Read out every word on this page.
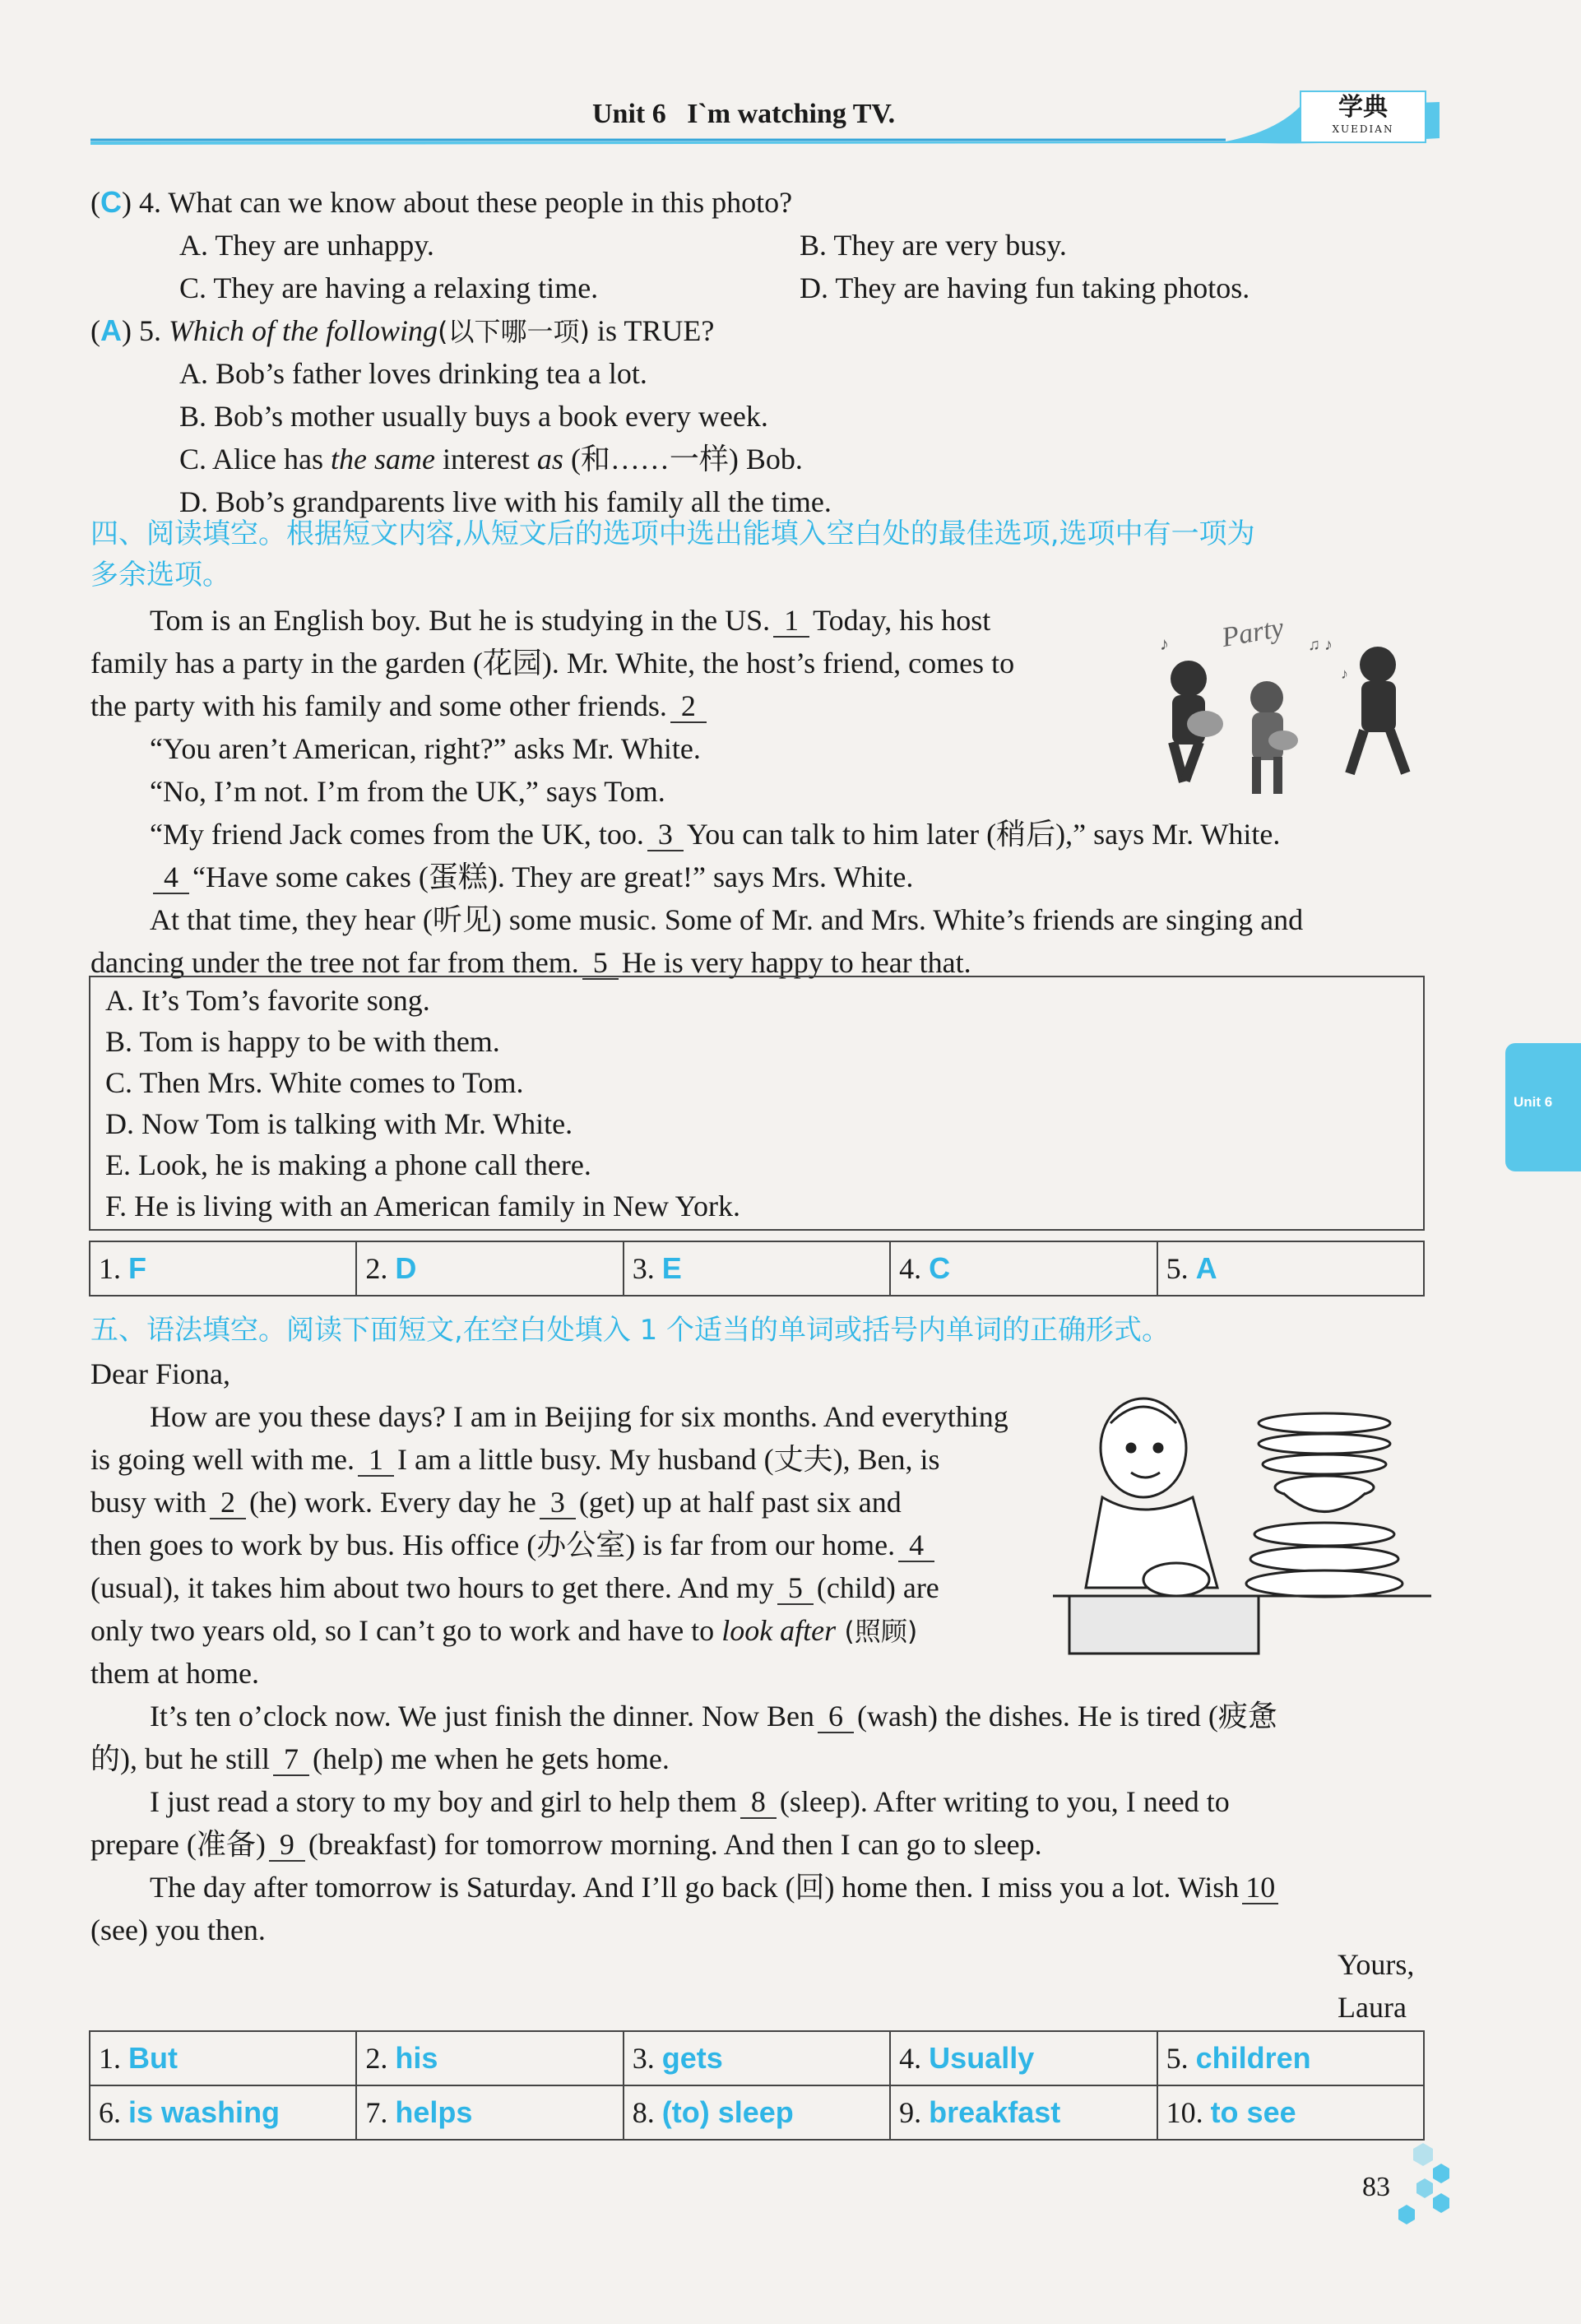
Unit 6   I`m watching TV.	学典
XUEDIAN
(C) 4. What can we know about these people in this photo?
A. They are unhappy.	B. They are very busy.
C. They are having a relaxing time.	D. They are having fun taking photos.
(A) 5. Which of the following(以下哪一项) is TRUE?
A. Bob’s father loves drinking tea a lot.
B. Bob’s mother usually buys a book every week.
C. Alice has the same interest as (和……一样) Bob.
D. Bob’s grandparents live with his family all the time.
四、阅读填空。根据短文内容,从短文后的选项中选出能填入空白处的最佳选项,选项中有一项为
多余选项。
Party
♪	♫ ♪
♪
Tom is an English boy. But he is studying in the US. 1 Today, his host
family has a party in the garden (花园). Mr. White, the host’s friend, comes to
the party with his family and some other friends. 2
“You aren’t American, right?” asks Mr. White.
“No, I’m not. I’m from the UK,” says Tom.
“My friend Jack comes from the UK, too. 3 You can talk to him later (稍后),” says Mr. White.
4 “Have some cakes (蛋糕). They are great!” says Mrs. White.
At that time, they hear (听见) some music. Some of Mr. and Mrs. White’s friends are singing and
dancing under the tree not far from them. 5 He is very happy to hear that.
A. It’s Tom’s favorite song.
B. Tom is happy to be with them.
C. Then Mrs. White comes to Tom.
D. Now Tom is talking with Mr. White.
E. Look, he is making a phone call there.
F. He is living with an American family in New York.
1. F	2. D	3. E	4. C	5. A
五、语法填空。阅读下面短文,在空白处填入 1 个适当的单词或括号内单词的正确形式。
Dear Fiona,
How are you these days? I am in Beijing for six months. And everything
is going well with me. 1 I am a little busy. My husband (丈夫), Ben, is
busy with 2 (he) work. Every day he 3 (get) up at half past six and
then goes to work by bus. His office (办公室) is far from our home. 4
(usual), it takes him about two hours to get there. And my 5 (child) are
only two years old, so I can’t go to work and have to look after (照顾)
them at home.
It’s ten o’clock now. We just finish the dinner. Now Ben 6 (wash) the dishes. He is tired (疲惫
的), but he still 7 (help) me when he gets home.
I just read a story to my boy and girl to help them 8 (sleep). After writing to you, I need to
prepare (准备) 9 (breakfast) for tomorrow morning. And then I can go to sleep.
The day after tomorrow is Saturday. And I’ll go back (回) home then. I miss you a lot. Wish 10
(see) you then.
Yours,
Laura
1. But	2. his	3. gets	4. Usually	5. children
6. is washing	7. helps	8. (to) sleep	9. breakfast	10. to see
Unit 6
83
